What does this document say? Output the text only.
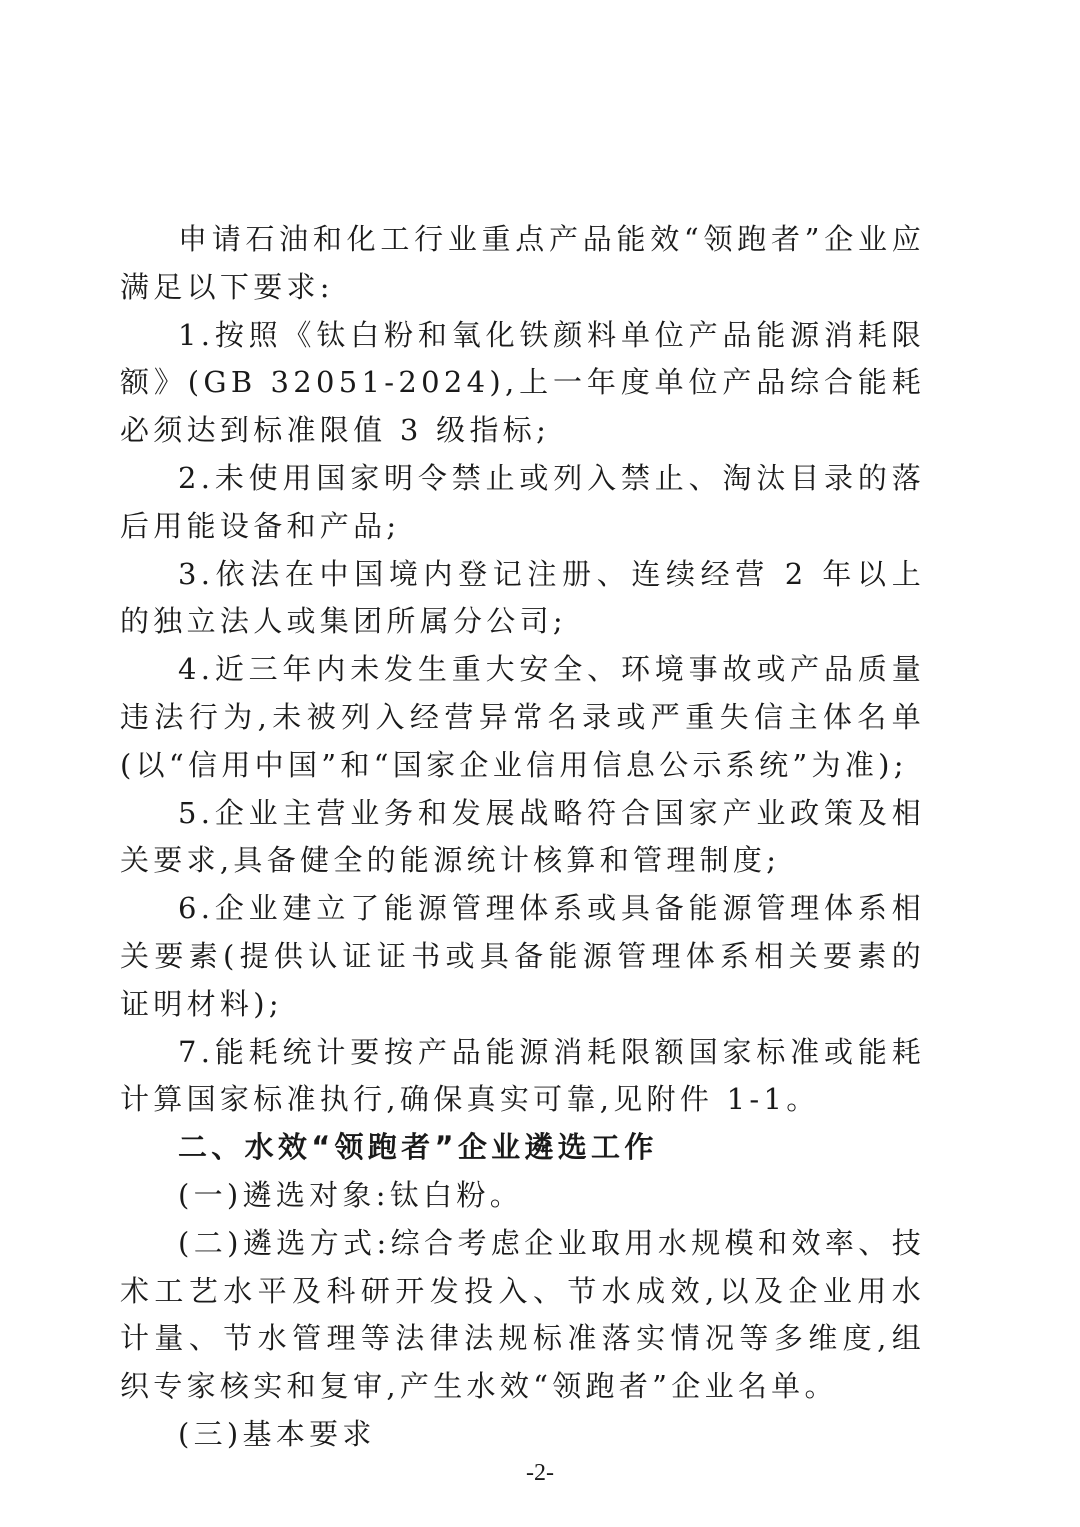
申请石油和化工行业重点产品能效“领跑者”企业应满足以下要求:

1.按照《钛白粉和氧化铁颜料单位产品能源消耗限额》(GB 32051-2024),上一年度单位产品综合能耗必须达到标准限值 3 级指标;

2.未使用国家明令禁止或列入禁止、淘汰目录的落后用能设备和产品;

3.依法在中国境内登记注册、连续经营 2 年以上的独立法人或集团所属分公司;

4.近三年内未发生重大安全、环境事故或产品质量违法行为,未被列入经营异常名录或严重失信主体名单(以“信用中国”和“国家企业信用信息公示系统”为准);

5.企业主营业务和发展战略符合国家产业政策及相关要求,具备健全的能源统计核算和管理制度;

6.企业建立了能源管理体系或具备能源管理体系相关要素(提供认证证书或具备能源管理体系相关要素的证明材料);

7.能耗统计要按产品能源消耗限额国家标准或能耗计算国家标准执行,确保真实可靠,见附件 1-1。

二、水效“领跑者”企业遴选工作

(一)遴选对象:钛白粉。

(二)遴选方式:综合考虑企业取用水规模和效率、技术工艺水平及科研开发投入、节水成效,以及企业用水计量、节水管理等法律法规标准落实情况等多维度,组织专家核实和复审,产生水效“领跑者”企业名单。

(三)基本要求

-2-
